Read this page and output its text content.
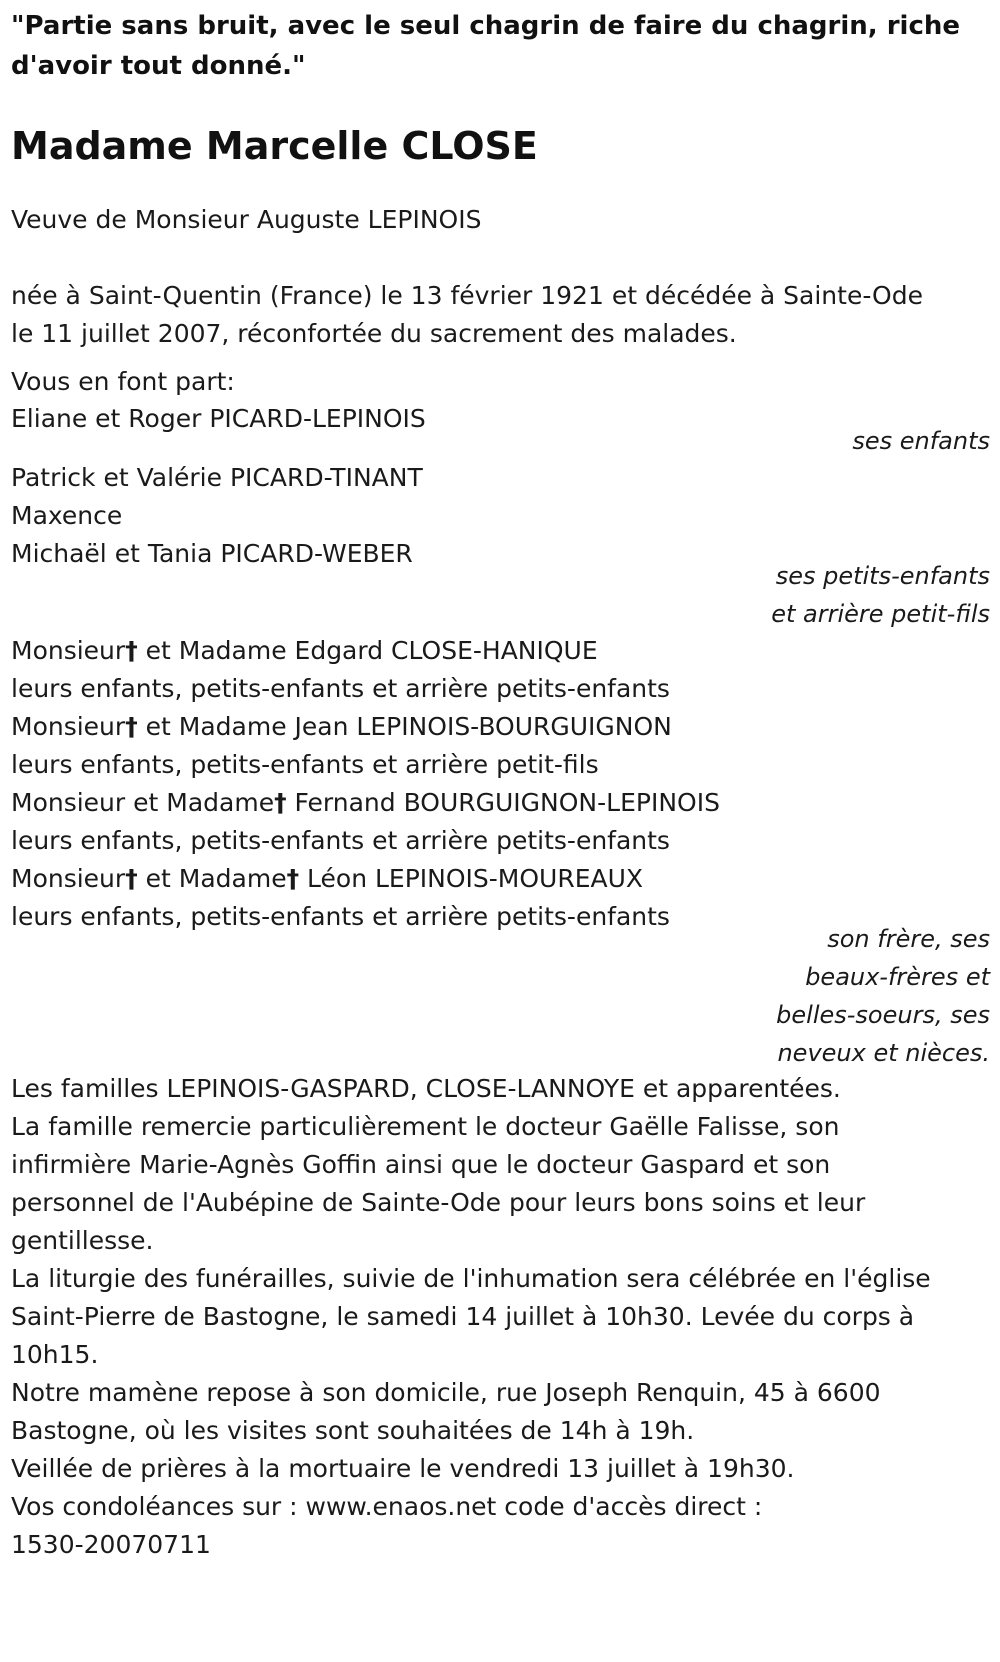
"Partie sans bruit, avec le seul chagrin de faire du chagrin, riche
d'avoir tout donné."
Madame Marcelle CLOSE
Veuve de Monsieur Auguste LEPINOIS
née à Saint-Quentin (France) le 13 février 1921 et décédée à Sainte-Ode
le 11 juillet 2007, réconfortée du sacrement des malades.
Vous en font part:
Eliane et Roger PICARD-LEPINOIS
ses enfants
Patrick et Valérie PICARD-TINANT
Maxence
Michaël et Tania PICARD-WEBER
ses petits-enfants
et arrière petit-fils
Monsieur† et Madame Edgard CLOSE-HANIQUE
leurs enfants, petits-enfants et arrière petits-enfants
Monsieur† et Madame Jean LEPINOIS-BOURGUIGNON
leurs enfants, petits-enfants et arrière petit-fils
Monsieur et Madame† Fernand BOURGUIGNON-LEPINOIS
leurs enfants, petits-enfants et arrière petits-enfants
Monsieur† et Madame† Léon LEPINOIS-MOUREAUX
leurs enfants, petits-enfants et arrière petits-enfants
son frère, ses
beaux-frères et
belles-soeurs, ses
neveux et nièces.
Les familles LEPINOIS-GASPARD, CLOSE-LANNOYE et apparentées.
La famille remercie particulièrement le docteur Gaëlle Falisse, son
infirmière Marie-Agnès Goffin ainsi que le docteur Gaspard et son
personnel de l'Aubépine de Sainte-Ode pour leurs bons soins et leur
gentillesse.
La liturgie des funérailles, suivie de l'inhumation sera célébrée en l'église
Saint-Pierre de Bastogne, le samedi 14 juillet à 10h30. Levée du corps à
10h15.
Notre mamène repose à son domicile, rue Joseph Renquin, 45 à 6600
Bastogne, où les visites sont souhaitées de 14h à 19h.
Veillée de prières à la mortuaire le vendredi 13 juillet à 19h30.
Vos condoléances sur : www.enaos.net code d'accès direct :
1530-20070711
